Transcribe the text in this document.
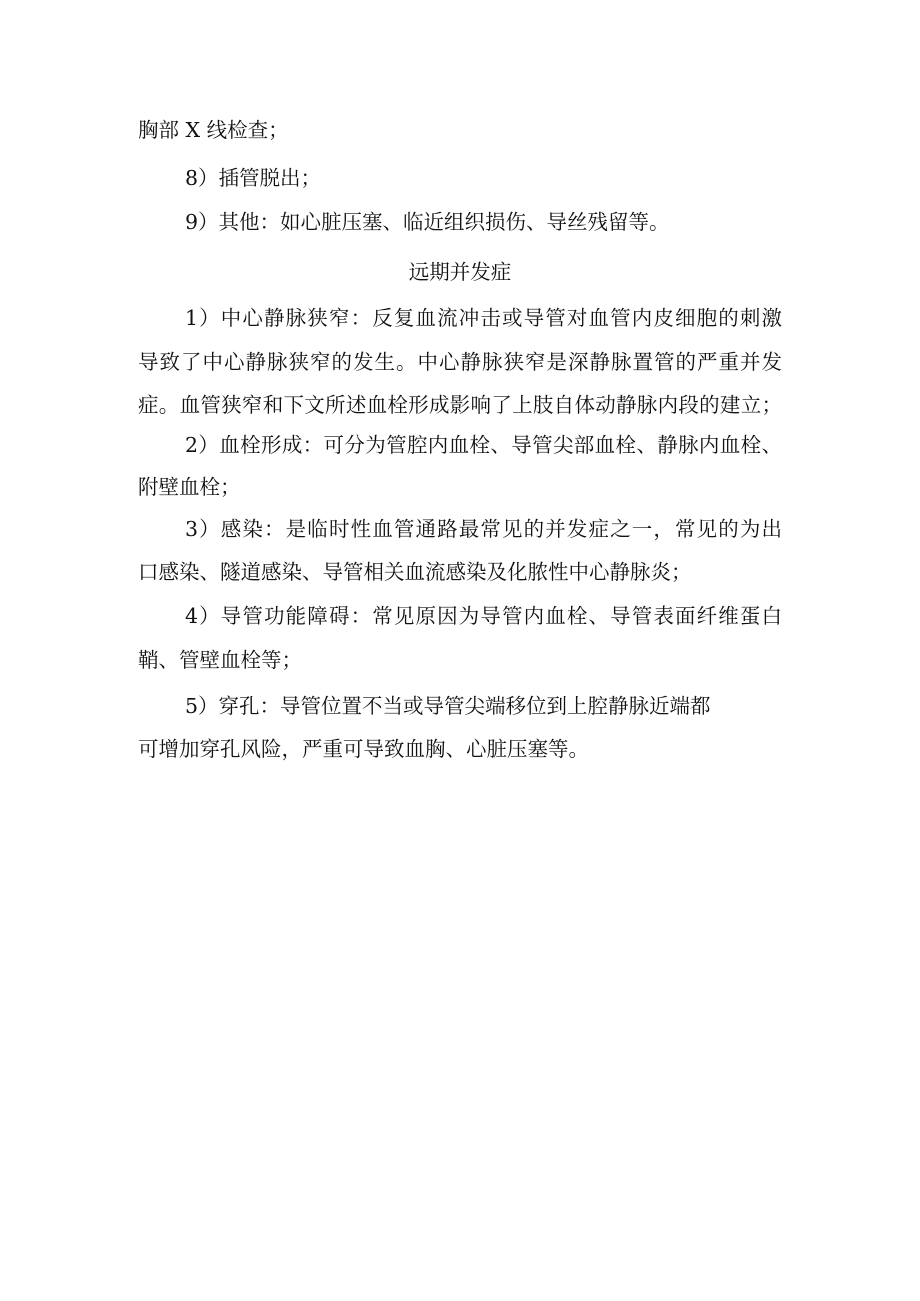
胸部 X 线检查；

8）插管脱出；

9）其他：如心脏压塞、临近组织损伤、导丝残留等。

远期并发症

1）中心静脉狭窄：反复血流冲击或导管对血管内皮细胞的刺激

导致了中心静脉狭窄的发生。中心静脉狭窄是深静脉置管的严重并发

症。血管狭窄和下文所述血栓形成影响了上肢自体动静脉内段的建立；

2）血栓形成：可分为管腔内血栓、导管尖部血栓、静脉内血栓、

附壁血栓；

3）感染：是临时性血管通路最常见的并发症之一，常见的为出

口感染、隧道感染、导管相关血流感染及化脓性中心静脉炎；

4）导管功能障碍：常见原因为导管内血栓、导管表面纤维蛋白

鞘、管壁血栓等；

5）穿孔：导管位置不当或导管尖端移位到上腔静脉近端都

可增加穿孔风险，严重可导致血胸、心脏压塞等。
